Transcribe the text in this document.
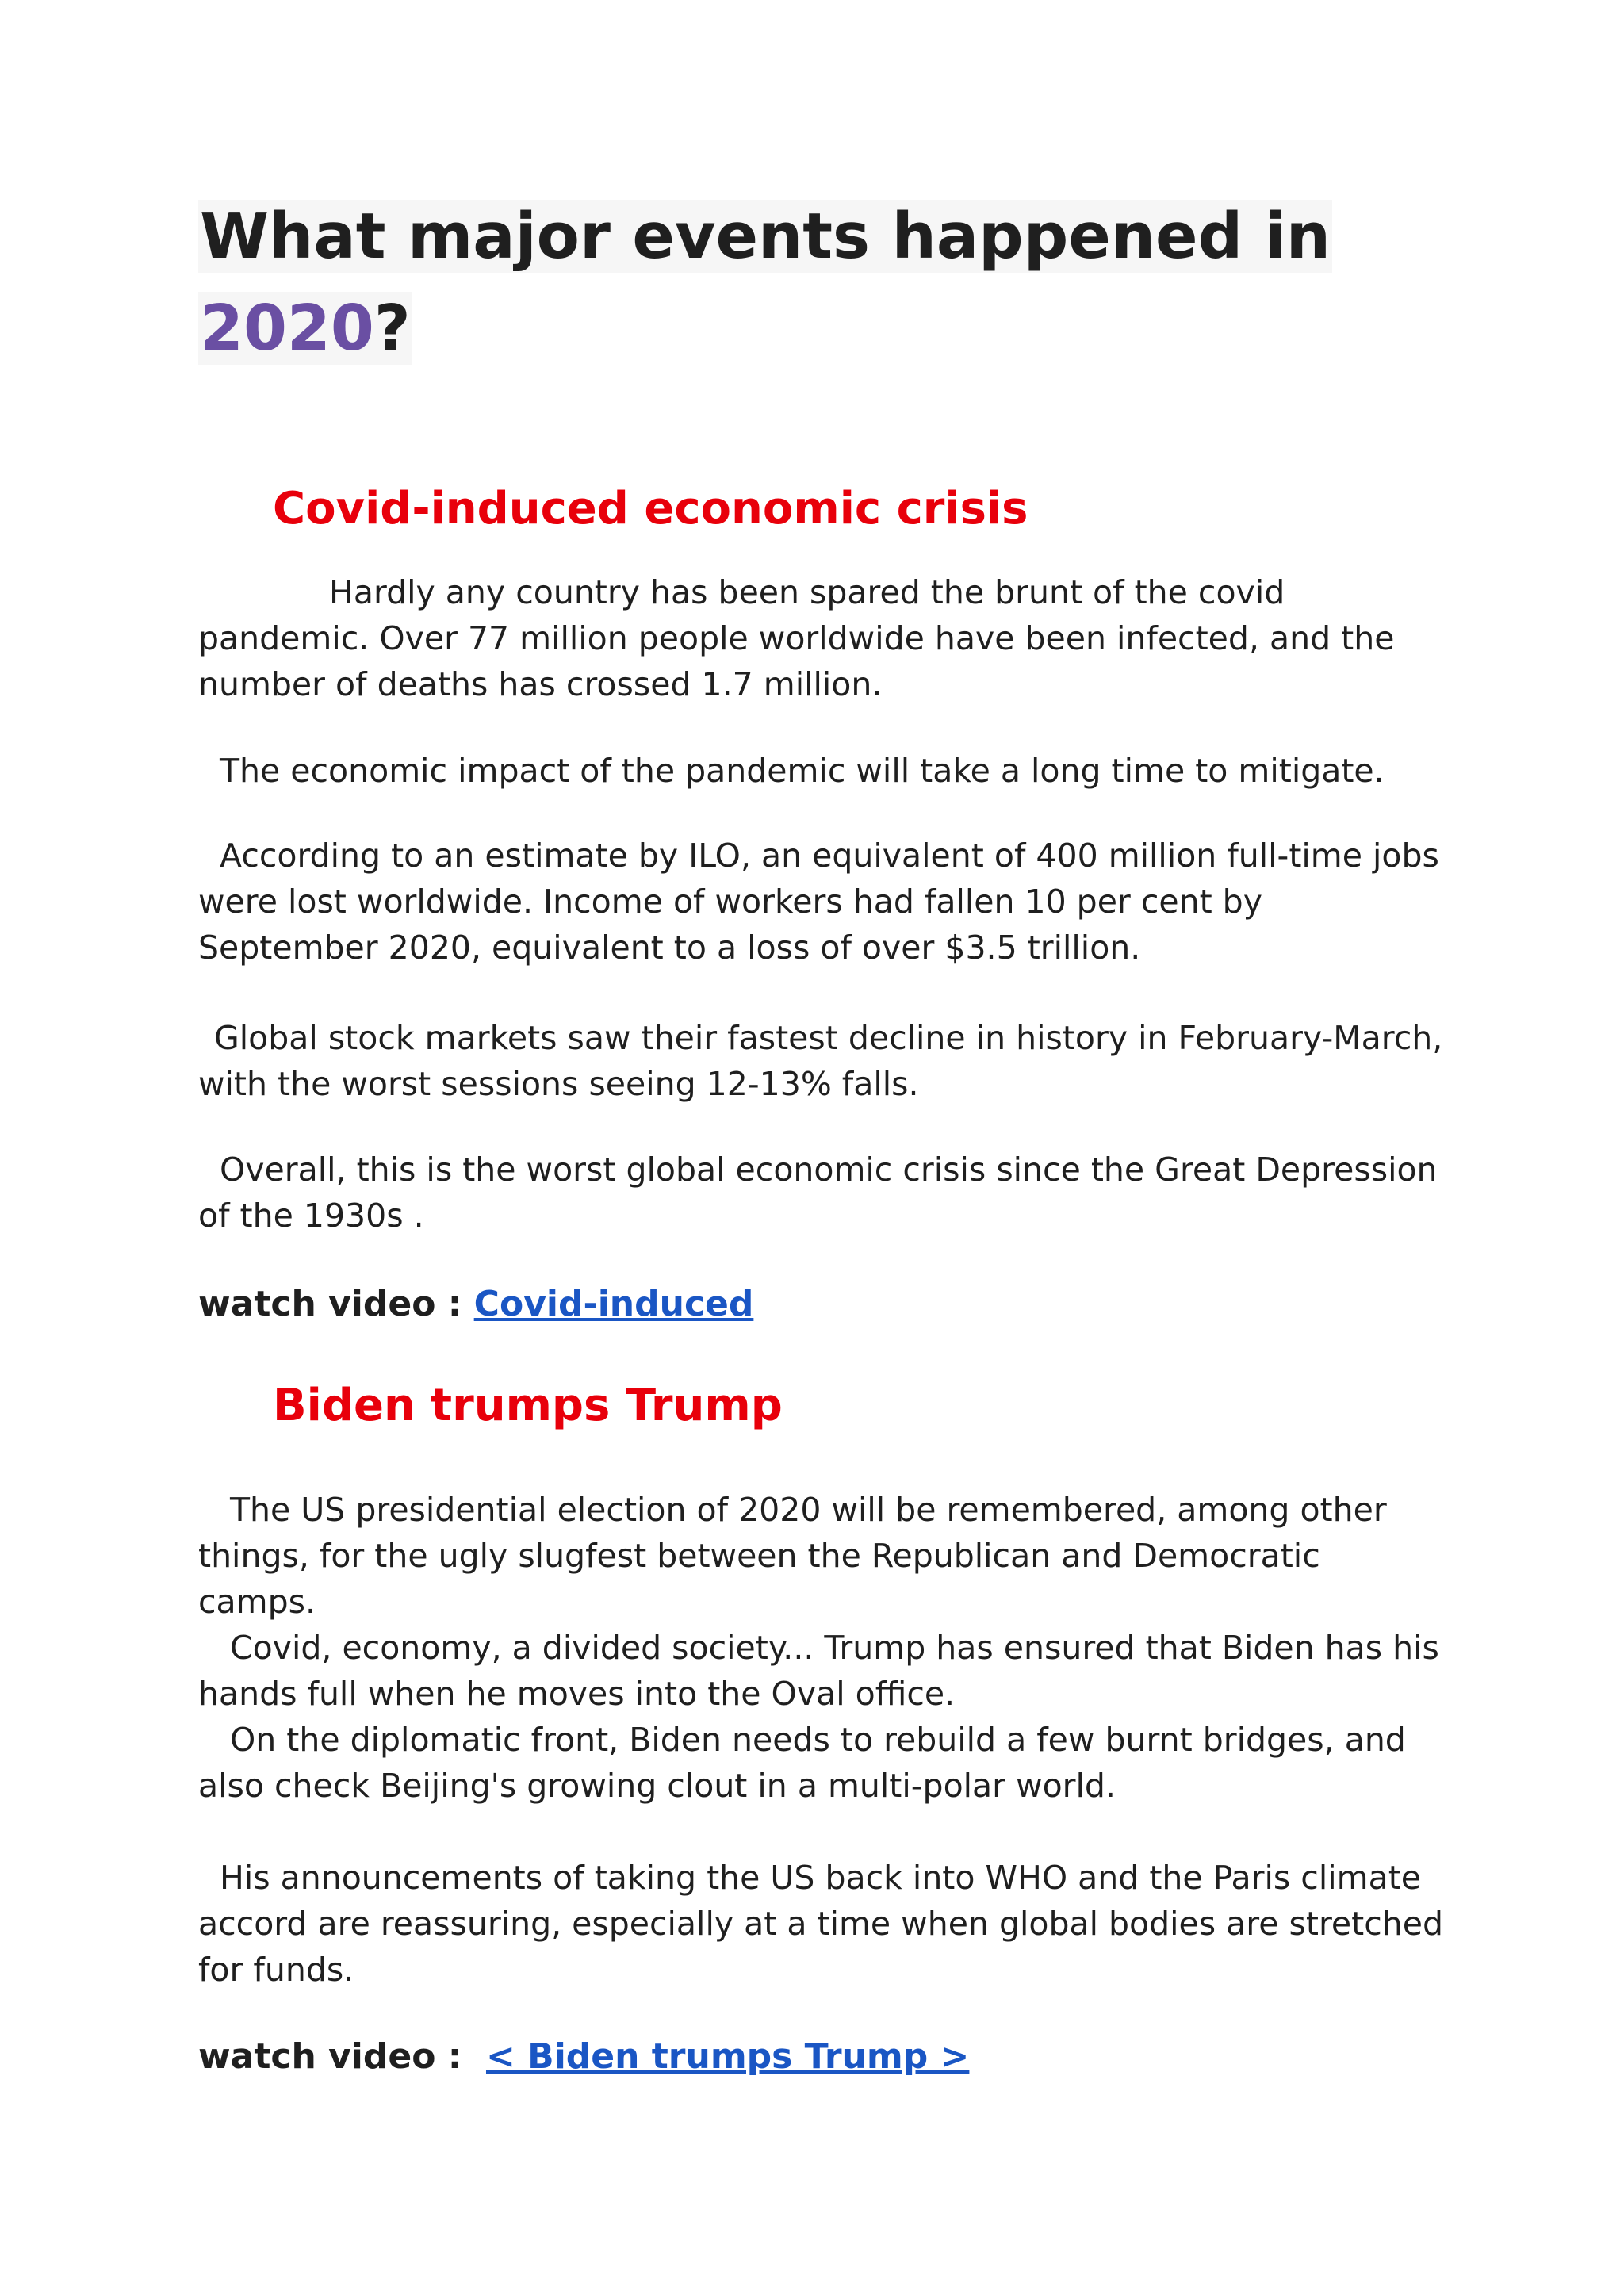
What major events happened in
2020?
Covid-induced economic crisis

Hardly any country has been spared the brunt of the covid pandemic. Over 77 million people worldwide have been infected, and the number of deaths has crossed 1.7 million.

The economic impact of the pandemic will take a long time to mitigate.

According to an estimate by ILO, an equivalent of 400 million full-time jobs were lost worldwide. Income of workers had fallen 10 per cent by September 2020, equivalent to a loss of over $3.5 trillion.

Global stock markets saw their fastest decline in history in February-March, with the worst sessions seeing 12-13% falls.

Overall, this is the worst global economic crisis since the Great Depression of the 1930s .

watch video : Covid-induced

Biden trumps Trump

The US presidential election of 2020 will be remembered, among other things, for the ugly slugfest between the Republican and Democratic camps.

Covid, economy, a divided society... Trump has ensured that Biden has his hands full when he moves into the Oval office.

On the diplomatic front, Biden needs to rebuild a few burnt bridges, and also check Beijing's growing clout in a multi-polar world.

His announcements of taking the US back into WHO and the Paris climate accord are reassuring, especially at a time when global bodies are stretched for funds.

watch video :  < Biden trumps Trump >
